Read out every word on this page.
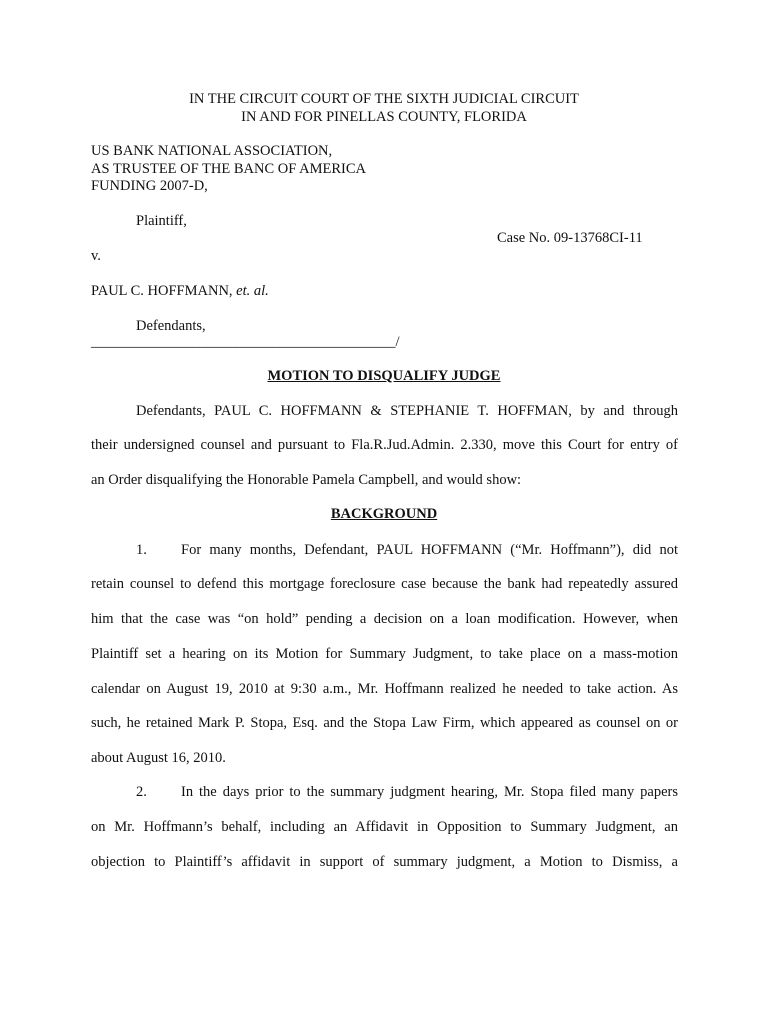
IN THE CIRCUIT COURT OF THE SIXTH JUDICIAL CIRCUIT
IN AND FOR PINELLAS COUNTY, FLORIDA
US BANK NATIONAL ASSOCIATION,
AS TRUSTEE OF THE BANC OF AMERICA
FUNDING 2007-D,
Plaintiff,
Case No. 09-13768CI-11
v.
PAUL C. HOFFMANN, et. al.
Defendants,
__________________________________________/
MOTION TO DISQUALIFY JUDGE
Defendants, PAUL C. HOFFMANN & STEPHANIE T. HOFFMAN, by and through
their undersigned counsel and pursuant to Fla.R.Jud.Admin. 2.330, move this Court for entry of
an Order disqualifying the Honorable Pamela Campbell, and would show:
BACKGROUND
1. For many months, Defendant, PAUL HOFFMANN (“Mr. Hoffmann”), did not
retain counsel to defend this mortgage foreclosure case because the bank had repeatedly assured
him that the case was “on hold” pending a decision on a loan modification. However, when
Plaintiff set a hearing on its Motion for Summary Judgment, to take place on a mass-motion
calendar on August 19, 2010 at 9:30 a.m., Mr. Hoffmann realized he needed to take action. As
such, he retained Mark P. Stopa, Esq. and the Stopa Law Firm, which appeared as counsel on or
about August 16, 2010.
2. In the days prior to the summary judgment hearing, Mr. Stopa filed many papers
on Mr. Hoffmann’s behalf, including an Affidavit in Opposition to Summary Judgment, an
objection to Plaintiff’s affidavit in support of summary judgment, a Motion to Dismiss, a
